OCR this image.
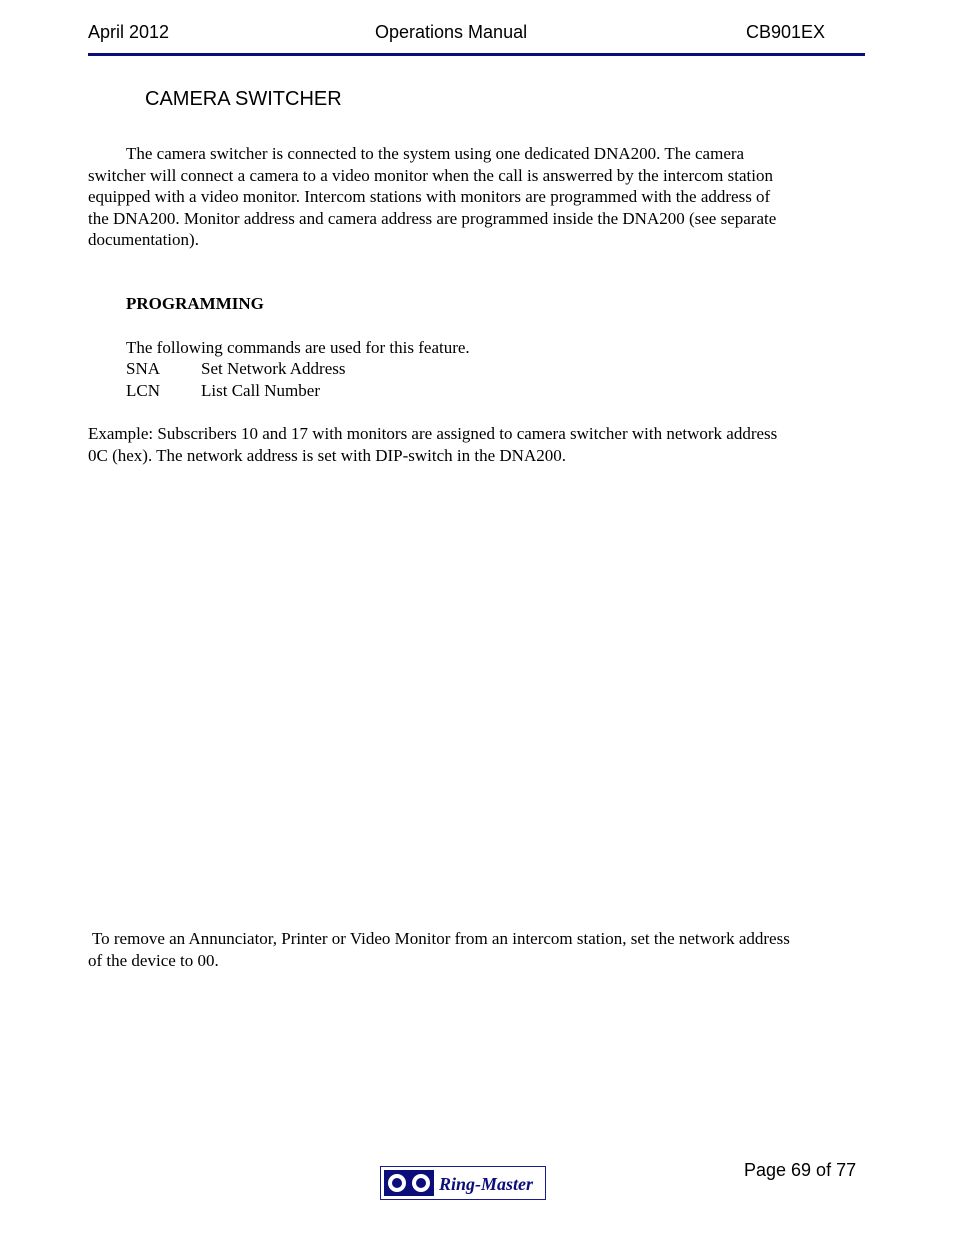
April 2012	Operations Manual	CB901EX
CAMERA SWITCHER
The camera switcher is connected to the system using one dedicated DNA200. The camera
switcher will connect a camera to a video monitor when the call is answerred by the intercom station
equipped with a video monitor. Intercom stations with monitors are programmed with the address of
the DNA200. Monitor address and camera address are programmed inside the DNA200 (see separate
documentation).
PROGRAMMING
The following commands are used for this feature.
SNA Set Network Address
LCN List Call Number
Example: Subscribers 10 and 17 with monitors are assigned to camera switcher with network address
0C (hex). The network address is set with DIP-switch in the DNA200.
To remove an Annunciator, Printer or Video Monitor from an intercom station, set the network address
of the device to 00.
Page 69 of 77
Ring-Master
